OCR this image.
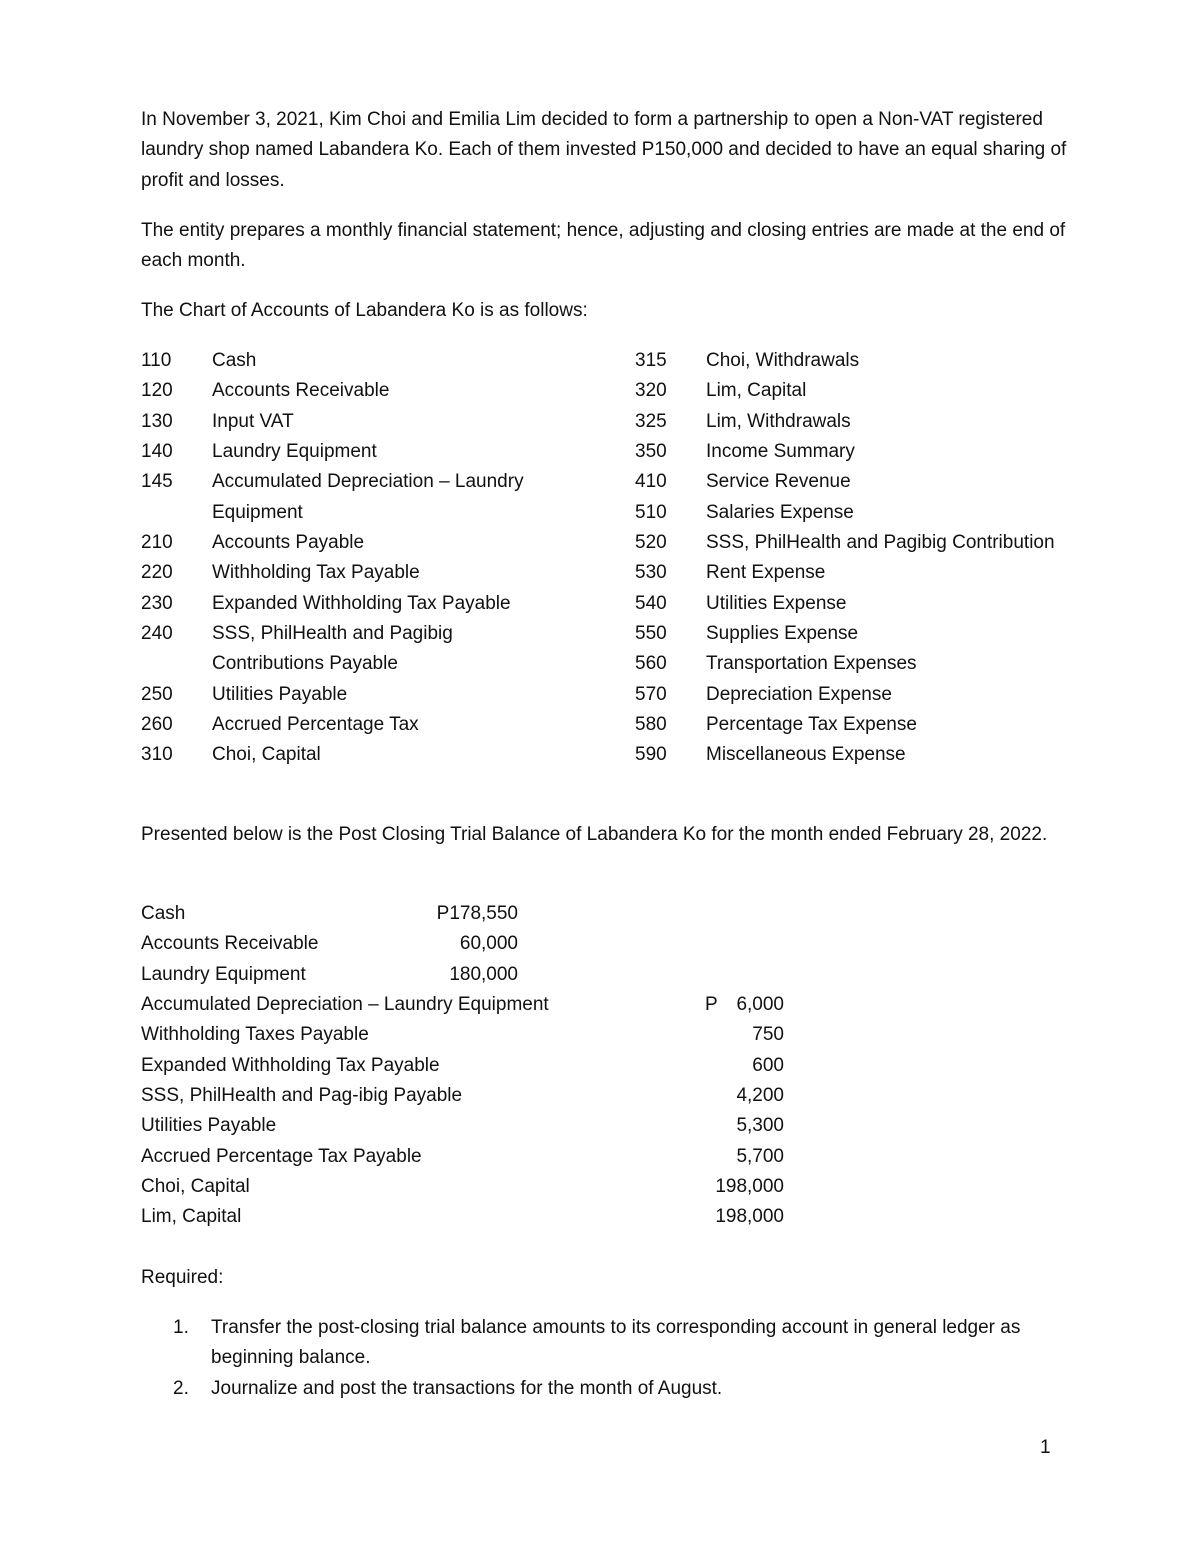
In November 3, 2021, Kim Choi and Emilia Lim decided to form a partnership to open a Non-VAT registered laundry shop named Labandera Ko. Each of them invested P150,000 and decided to have an equal sharing of profit and losses.

The entity prepares a monthly financial statement; hence, adjusting and closing entries are made at the end of each month.

The Chart of Accounts of Labandera Ko is as follows:

110	Cash
120	Accounts Receivable
130	Input VAT
140	Laundry Equipment
145	Accumulated Depreciation – Laundry Equipment
210	Accounts Payable
220	Withholding Tax Payable
230	Expanded Withholding Tax Payable
240	SSS, PhilHealth and Pagibig Contributions Payable
250	Utilities Payable
260	Accrued Percentage Tax
310	Choi, Capital
315	Choi, Withdrawals
320	Lim, Capital
325	Lim, Withdrawals
350	Income Summary
410	Service Revenue
510	Salaries Expense
520	SSS, PhilHealth and Pagibig Contribution
530	Rent Expense
540	Utilities Expense
550	Supplies Expense
560	Transportation Expenses
570	Depreciation Expense
580	Percentage Tax Expense
590	Miscellaneous Expense

Presented below is the Post Closing Trial Balance of Labandera Ko for the month ended February 28, 2022.

Cash	P178,550
Accounts Receivable	60,000
Laundry Equipment	180,000
Accumulated Depreciation – Laundry Equipment	P 6,000
Withholding Taxes Payable	750
Expanded Withholding Tax Payable	600
SSS, PhilHealth and Pag-ibig Payable	4,200
Utilities Payable	5,300
Accrued Percentage Tax Payable	5,700
Choi, Capital	198,000
Lim, Capital	198,000

Required:

1. Transfer the post-closing trial balance amounts to its corresponding account in general ledger as beginning balance.
2. Journalize and post the transactions for the month of August.
1
